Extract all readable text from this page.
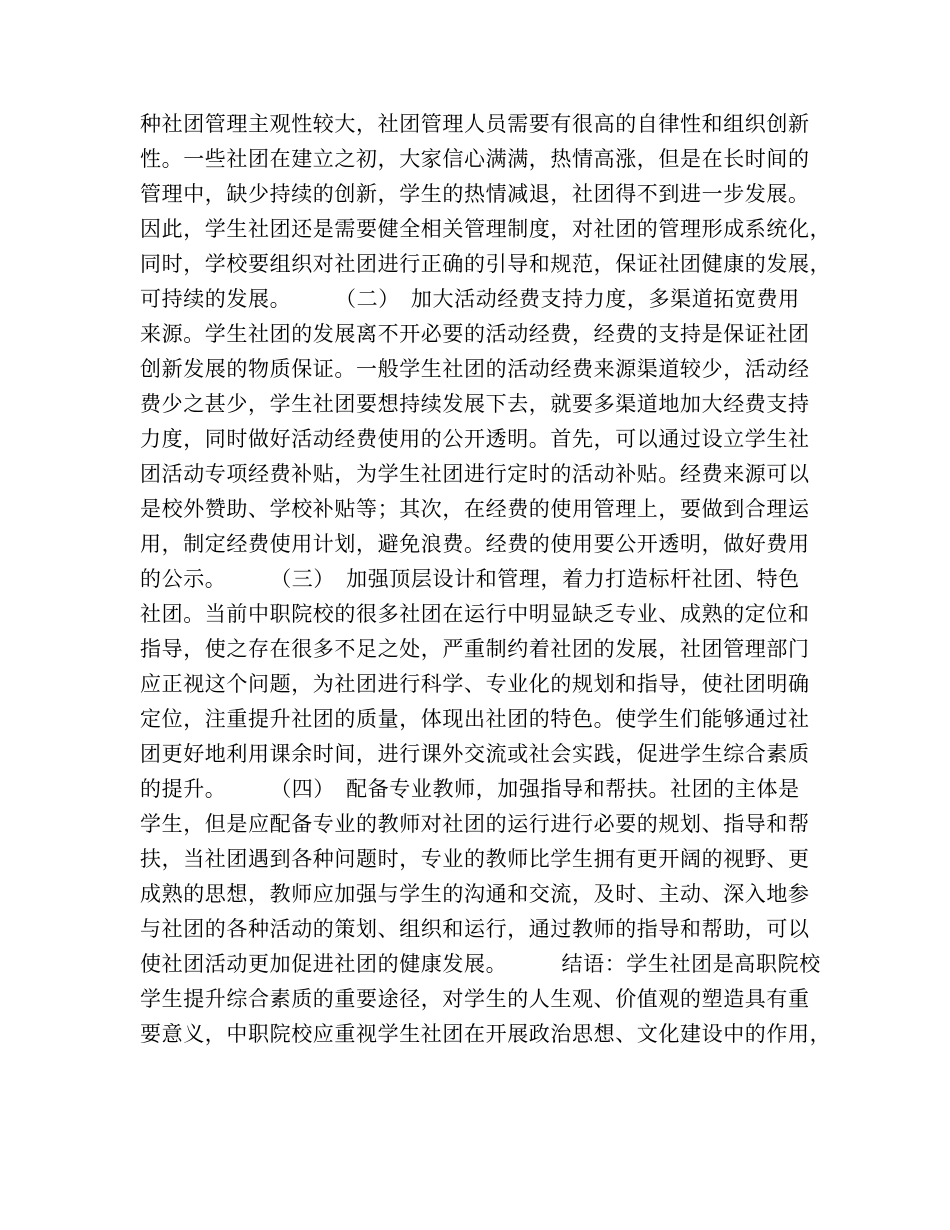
种社团管理主观性较大，社团管理人员需要有很高的自律性和组织创新
性。一些社团在建立之初，大家信心满满，热情高涨，但是在长时间的
管理中，缺少持续的创新，学生的热情减退，社团得不到进一步发展。
因此，学生社团还是需要健全相关管理制度，对社团的管理形成系统化，
同时，学校要组织对社团进行正确的引导和规范，保证社团健康的发展，
可持续的发展。　　　（二）　加大活动经费支持力度，多渠道拓宽费用
来源。学生社团的发展离不开必要的活动经费，经费的支持是保证社团
创新发展的物质保证。一般学生社团的活动经费来源渠道较少，活动经
费少之甚少，学生社团要想持续发展下去，就要多渠道地加大经费支持
力度，同时做好活动经费使用的公开透明。首先，可以通过设立学生社
团活动专项经费补贴，为学生社团进行定时的活动补贴。经费来源可以
是校外赞助、学校补贴等；其次，在经费的使用管理上，要做到合理运
用，制定经费使用计划，避免浪费。经费的使用要公开透明，做好费用
的公示。　　　（三）　加强顶层设计和管理，着力打造标杆社团、特色
社团。当前中职院校的很多社团在运行中明显缺乏专业、成熟的定位和
指导，使之存在很多不足之处，严重制约着社团的发展，社团管理部门
应正视这个问题，为社团进行科学、专业化的规划和指导，使社团明确
定位，注重提升社团的质量，体现出社团的特色。使学生们能够通过社
团更好地利用课余时间，进行课外交流或社会实践，促进学生综合素质
的提升。　　　（四）　配备专业教师，加强指导和帮扶。社团的主体是
学生，但是应配备专业的教师对社团的运行进行必要的规划、指导和帮
扶，当社团遇到各种问题时，专业的教师比学生拥有更开阔的视野、更
成熟的思想，教师应加强与学生的沟通和交流，及时、主动、深入地参
与社团的各种活动的策划、组织和运行，通过教师的指导和帮助，可以
使社团活动更加促进社团的健康发展。　　　结语：学生社团是高职院校
学生提升综合素质的重要途径，对学生的人生观、价值观的塑造具有重
要意义，中职院校应重视学生社团在开展政治思想、文化建设中的作用，
